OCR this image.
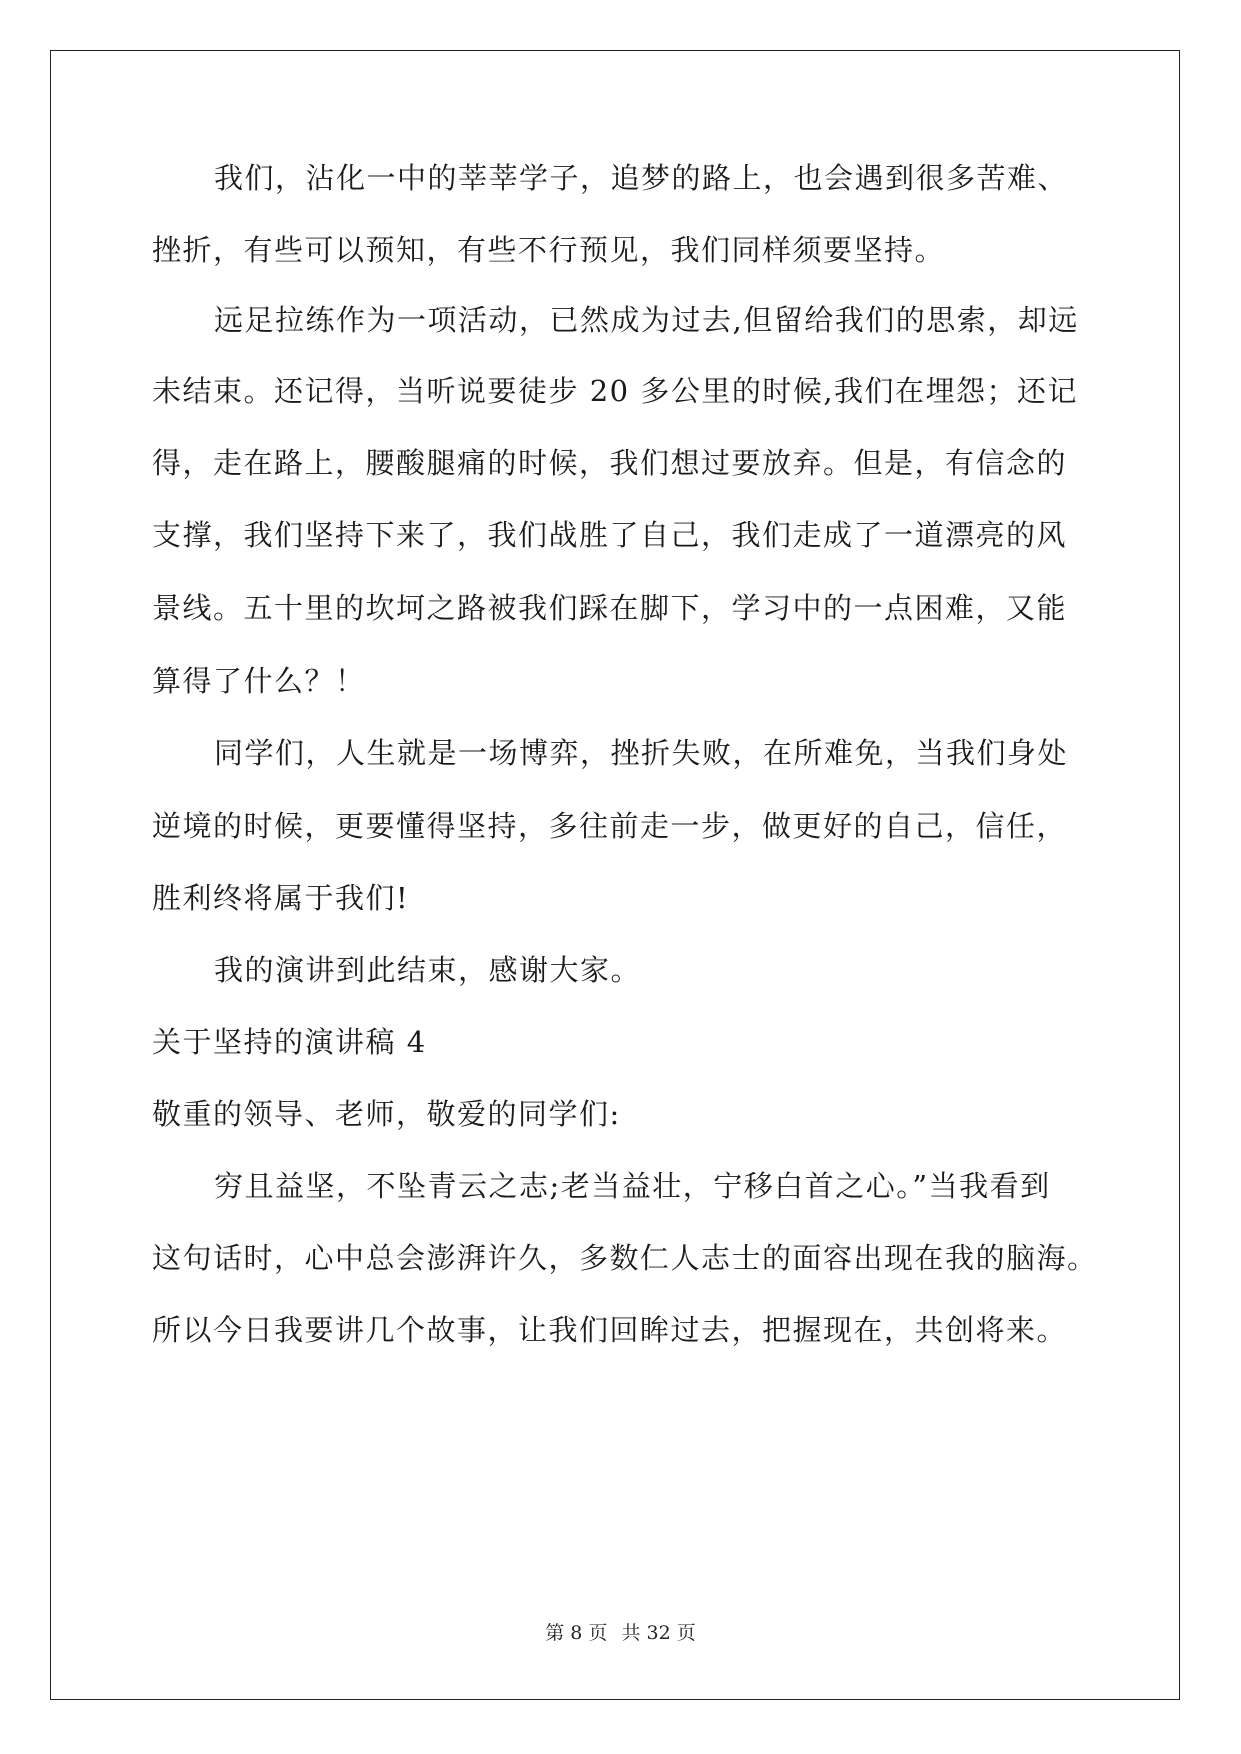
我们，沾化一中的莘莘学子，追梦的路上，也会遇到很多苦难、
挫折，有些可以预知，有些不行预见，我们同样须要坚持。
远足拉练作为一项活动，已然成为过去,但留给我们的思索，却远
未结束。还记得，当听说要徒步 20 多公里的时候,我们在埋怨；还记
得，走在路上，腰酸腿痛的时候，我们想过要放弃。但是，有信念的
支撑，我们坚持下来了，我们战胜了自己，我们走成了一道漂亮的风
景线。五十里的坎坷之路被我们踩在脚下，学习中的一点困难，又能
算得了什么？！
同学们，人生就是一场博弈，挫折失败，在所难免，当我们身处
逆境的时候，更要懂得坚持，多往前走一步，做更好的自己，信任，
胜利终将属于我们!
我的演讲到此结束，感谢大家。
关于坚持的演讲稿 4
敬重的领导、老师，敬爱的同学们:
穷且益坚，不坠青云之志;老当益壮，宁移白首之心。”当我看到
这句话时，心中总会澎湃许久，多数仁人志士的面容出现在我的脑海。
所以今日我要讲几个故事，让我们回眸过去，把握现在，共创将来。
第 8 页 共 32 页
